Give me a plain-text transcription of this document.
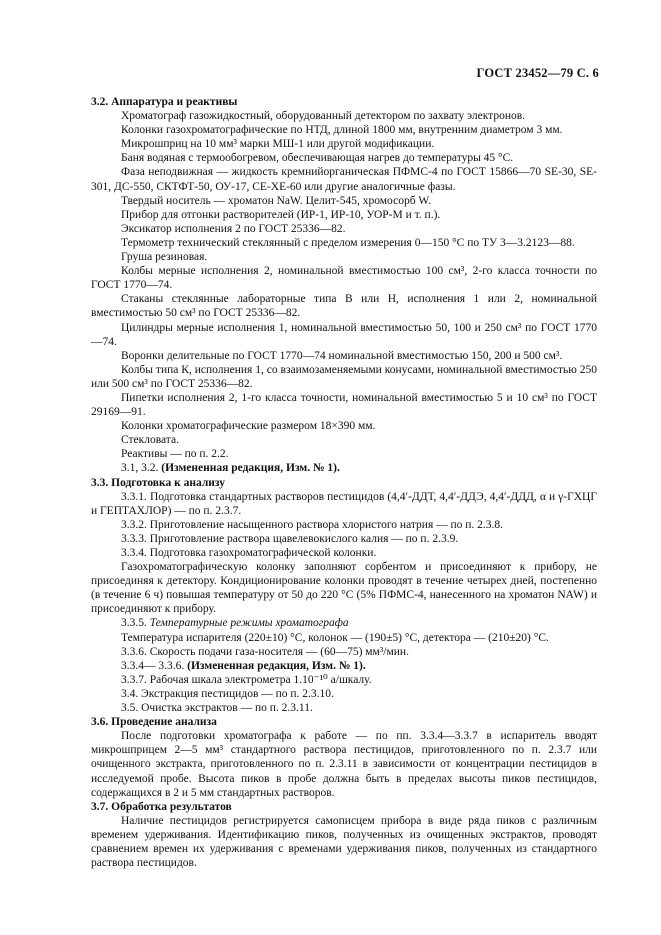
ГОСТ 23452—79 С. 6

3.2. Аппаратура и реактивы

Хроматограф газожидкостный, оборудованный детектором по захвату электронов.

Колонки газохроматографические по НТД, длиной 1800 мм, внутренним диаметром 3 мм.

Микрошприц на 10 мм³ марки МШ-1 или другой модификации.

Баня водяная с термообогревом, обеспечивающая нагрев до температуры 45 °С.

Фаза неподвижная — жидкость кремнийорганическая ПФМС-4 по ГОСТ 15866—70 SE-30, SE-301, ДС-550, СКТФТ-50, ОУ-17, СЕ-ХЕ-60 или другие аналогичные фазы.

Твердый носитель — хроматон NaW. Целит-545, хромосорб W.

Прибор для отгонки растворителей (ИР-1, ИР-10, УОР-М и т. п.).

Эксикатор исполнения 2 по ГОСТ 25336—82.

Термометр технический стеклянный с пределом измерения 0—150 °С по ТУ 3—3.2123—88.

Груша резиновая.

Колбы мерные исполнения 2, номинальной вместимостью 100 см³, 2-го класса точности по ГОСТ 1770—74.

Стаканы стеклянные лабораторные типа В или Н, исполнения 1 или 2, номинальной вместимостью 50 см³ по ГОСТ 25336—82.

Цилиндры мерные исполнения 1, номинальной вместимостью 50, 100 и 250 см³ по ГОСТ 1770—74.

Воронки делительные по ГОСТ 1770—74 номинальной вместимостью 150, 200 и 500 см³.

Колбы типа К, исполнения 1, со взаимозаменяемыми конусами, номинальной вместимостью 250 или 500 см³ по ГОСТ 25336—82.

Пипетки исполнения 2, 1-го класса точности, номинальной вместимостью 5 и 10 см³ по ГОСТ 29169—91.

Колонки хроматографические размером 18×390 мм.

Стекловата.

Реактивы — по п. 2.2.

3.1, 3.2. (Измененная редакция, Изм. № 1).

3.3. Подготовка к анализу

3.3.1. Подготовка стандартных растворов пестицидов (4,4′-ДДТ, 4,4′-ДДЭ, 4,4′-ДДД, α и γ-ГХЦГ и ГЕПТАХЛОР) — по п. 2.3.7.

3.3.2. Приготовление насыщенного раствора хлористого натрия — по п. 2.3.8.

3.3.3. Приготовление раствора щавелевокислого калия — по п. 2.3.9.

3.3.4. Подготовка газохроматографической колонки.

Газохроматографическую колонку заполняют сорбентом и присоединяют к прибору, не присоединяя к детектору. Кондиционирование колонки проводят в течение четырех дней, постепенно (в течение 6 ч) повышая температуру от 50 до 220 °С (5% ПФМС-4, нанесенного на хроматон NAW) и присоединяют к прибору.

3.3.5. Температурные режимы хроматографа

Температура испарителя (220±10) °С, колонок — (190±5) °С, детектора — (210±20) °С.

3.3.6. Скорость подачи газа-носителя — (60—75) мм³/мин.

3.3.4— 3.3.6. (Измененная редакция, Изм. № 1).

3.3.7. Рабочая шкала электрометра 1.10⁻¹⁰ а/шкалу.

3.4. Экстракция пестицидов — по п. 2.3.10.

3.5. Очистка экстрактов — по п. 2.3.11.

3.6. Проведение анализа

После подготовки хроматографа к работе — по пп. 3.3.4—3.3.7 в испаритель вводят микрошприцем 2—5 мм³ стандартного раствора пестицидов, приготовленного по п. 2.3.7 или очищенного экстракта, приготовленного по п. 2.3.11 в зависимости от концентрации пестицидов в исследуемой пробе. Высота пиков в пробе должна быть в пределах высоты пиков пестицидов, содержащихся в 2 и 5 мм стандартных растворов.

3.7. Обработка результатов

Наличие пестицидов регистрируется самописцем прибора в виде ряда пиков с различным временем удерживания. Идентификацию пиков, полученных из очищенных экстрактов, проводят сравнением времен их удерживания с временами удерживания пиков, полученных из стандартного раствора пестицидов.
